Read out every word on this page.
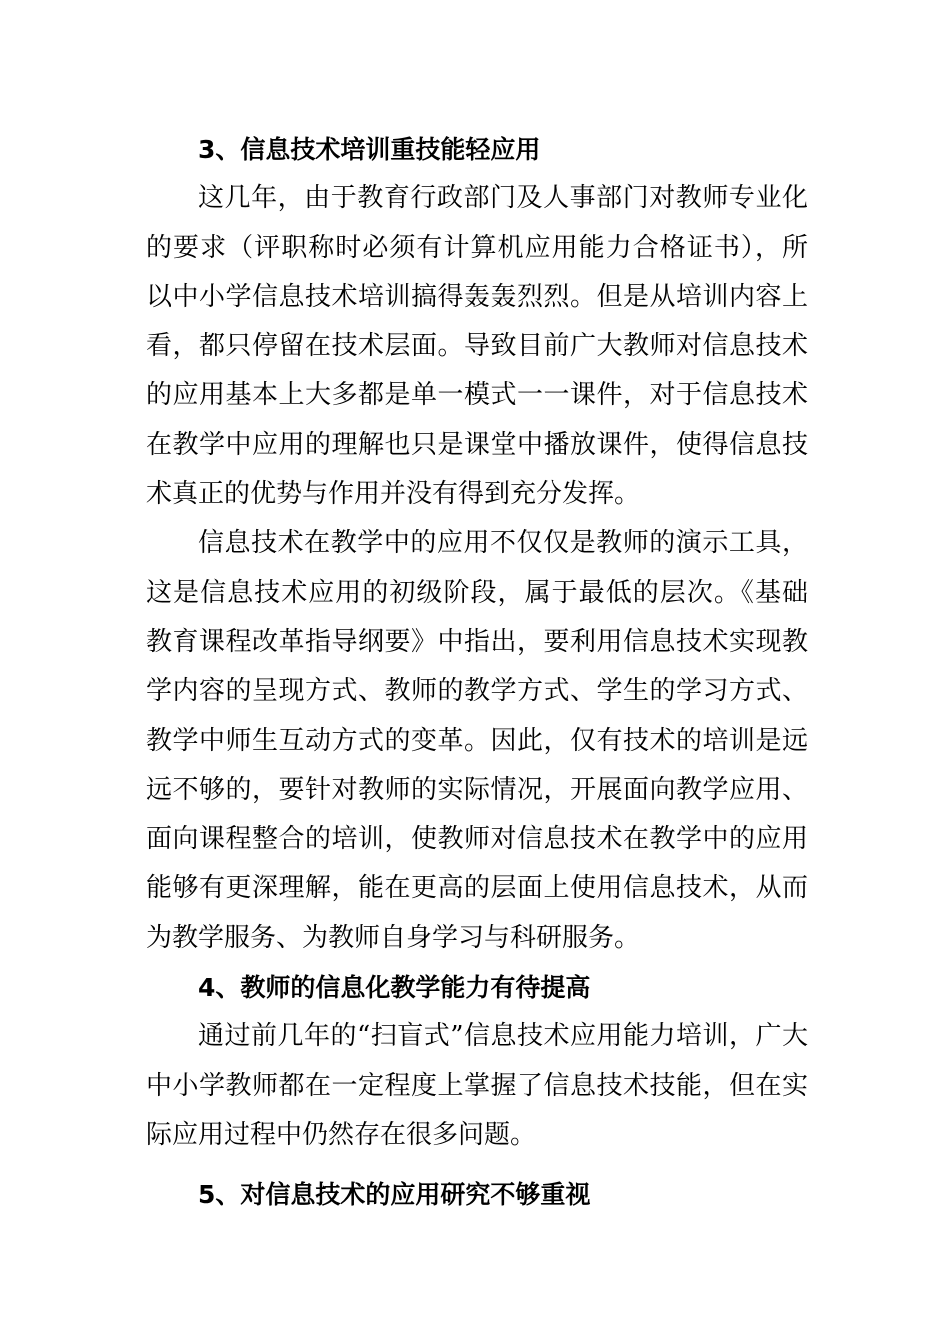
3、信息技术培训重技能轻应用

这几年，由于教育行政部门及人事部门对教师专业化的要求（评职称时必须有计算机应用能力合格证书），所以中小学信息技术培训搞得轰轰烈烈。但是从培训内容上看，都只停留在技术层面。导致目前广大教师对信息技术的应用基本上大多都是单一模式一一课件，对于信息技术在教学中应用的理解也只是课堂中播放课件，使得信息技术真正的优势与作用并没有得到充分发挥。

信息技术在教学中的应用不仅仅是教师的演示工具，这是信息技术应用的初级阶段，属于最低的层次。《基础教育课程改革指导纲要》中指出，要利用信息技术实现教学内容的呈现方式、教师的教学方式、学生的学习方式、教学中师生互动方式的变革。因此，仅有技术的培训是远远不够的，要针对教师的实际情况，开展面向教学应用、面向课程整合的培训，使教师对信息技术在教学中的应用能够有更深理解，能在更高的层面上使用信息技术，从而为教学服务、为教师自身学习与科研服务。

4、教师的信息化教学能力有待提高

通过前几年的“扫盲式”信息技术应用能力培训，广大中小学教师都在一定程度上掌握了信息技术技能，但在实际应用过程中仍然存在很多问题。

5、对信息技术的应用研究不够重视
